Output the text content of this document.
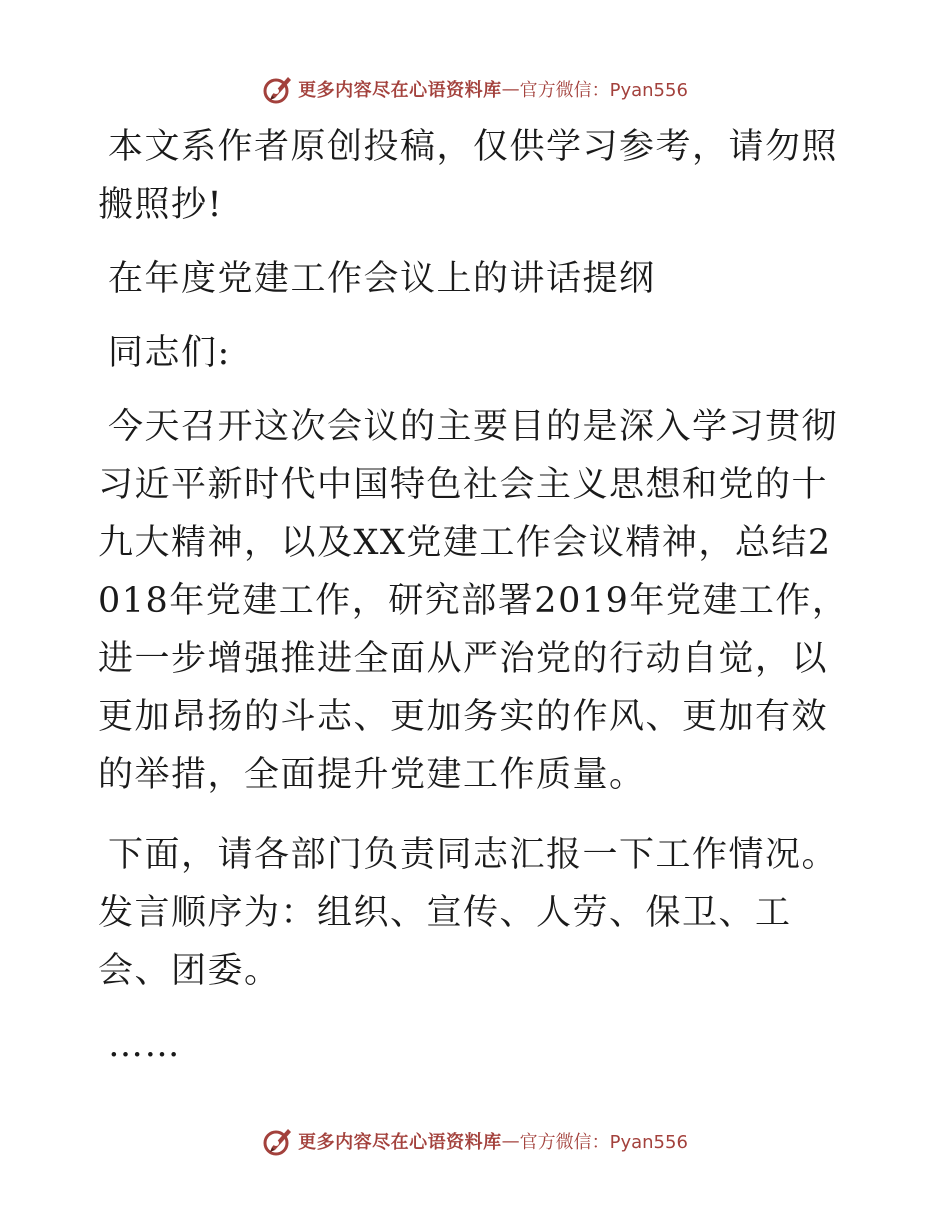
更多内容尽在心语资料库 — 官方微信：Pyan556

本文系作者原创投稿，仅供学习参考，请勿照搬照抄!

在年度党建工作会议上的讲话提纲

同志们:

今天召开这次会议的主要目的是深入学习贯彻习近平新时代中国特色社会主义思想和党的十九大精神，以及XX党建工作会议精神，总结2018年党建工作，研究部署2019年党建工作，进一步增强推进全面从严治党的行动自觉，以更加昂扬的斗志、更加务实的作风、更加有效的举措，全面提升党建工作质量。

下面，请各部门负责同志汇报一下工作情况。发言顺序为：组织、宣传、人劳、保卫、工会、团委。

……

更多内容尽在心语资料库 — 官方微信：Pyan556
